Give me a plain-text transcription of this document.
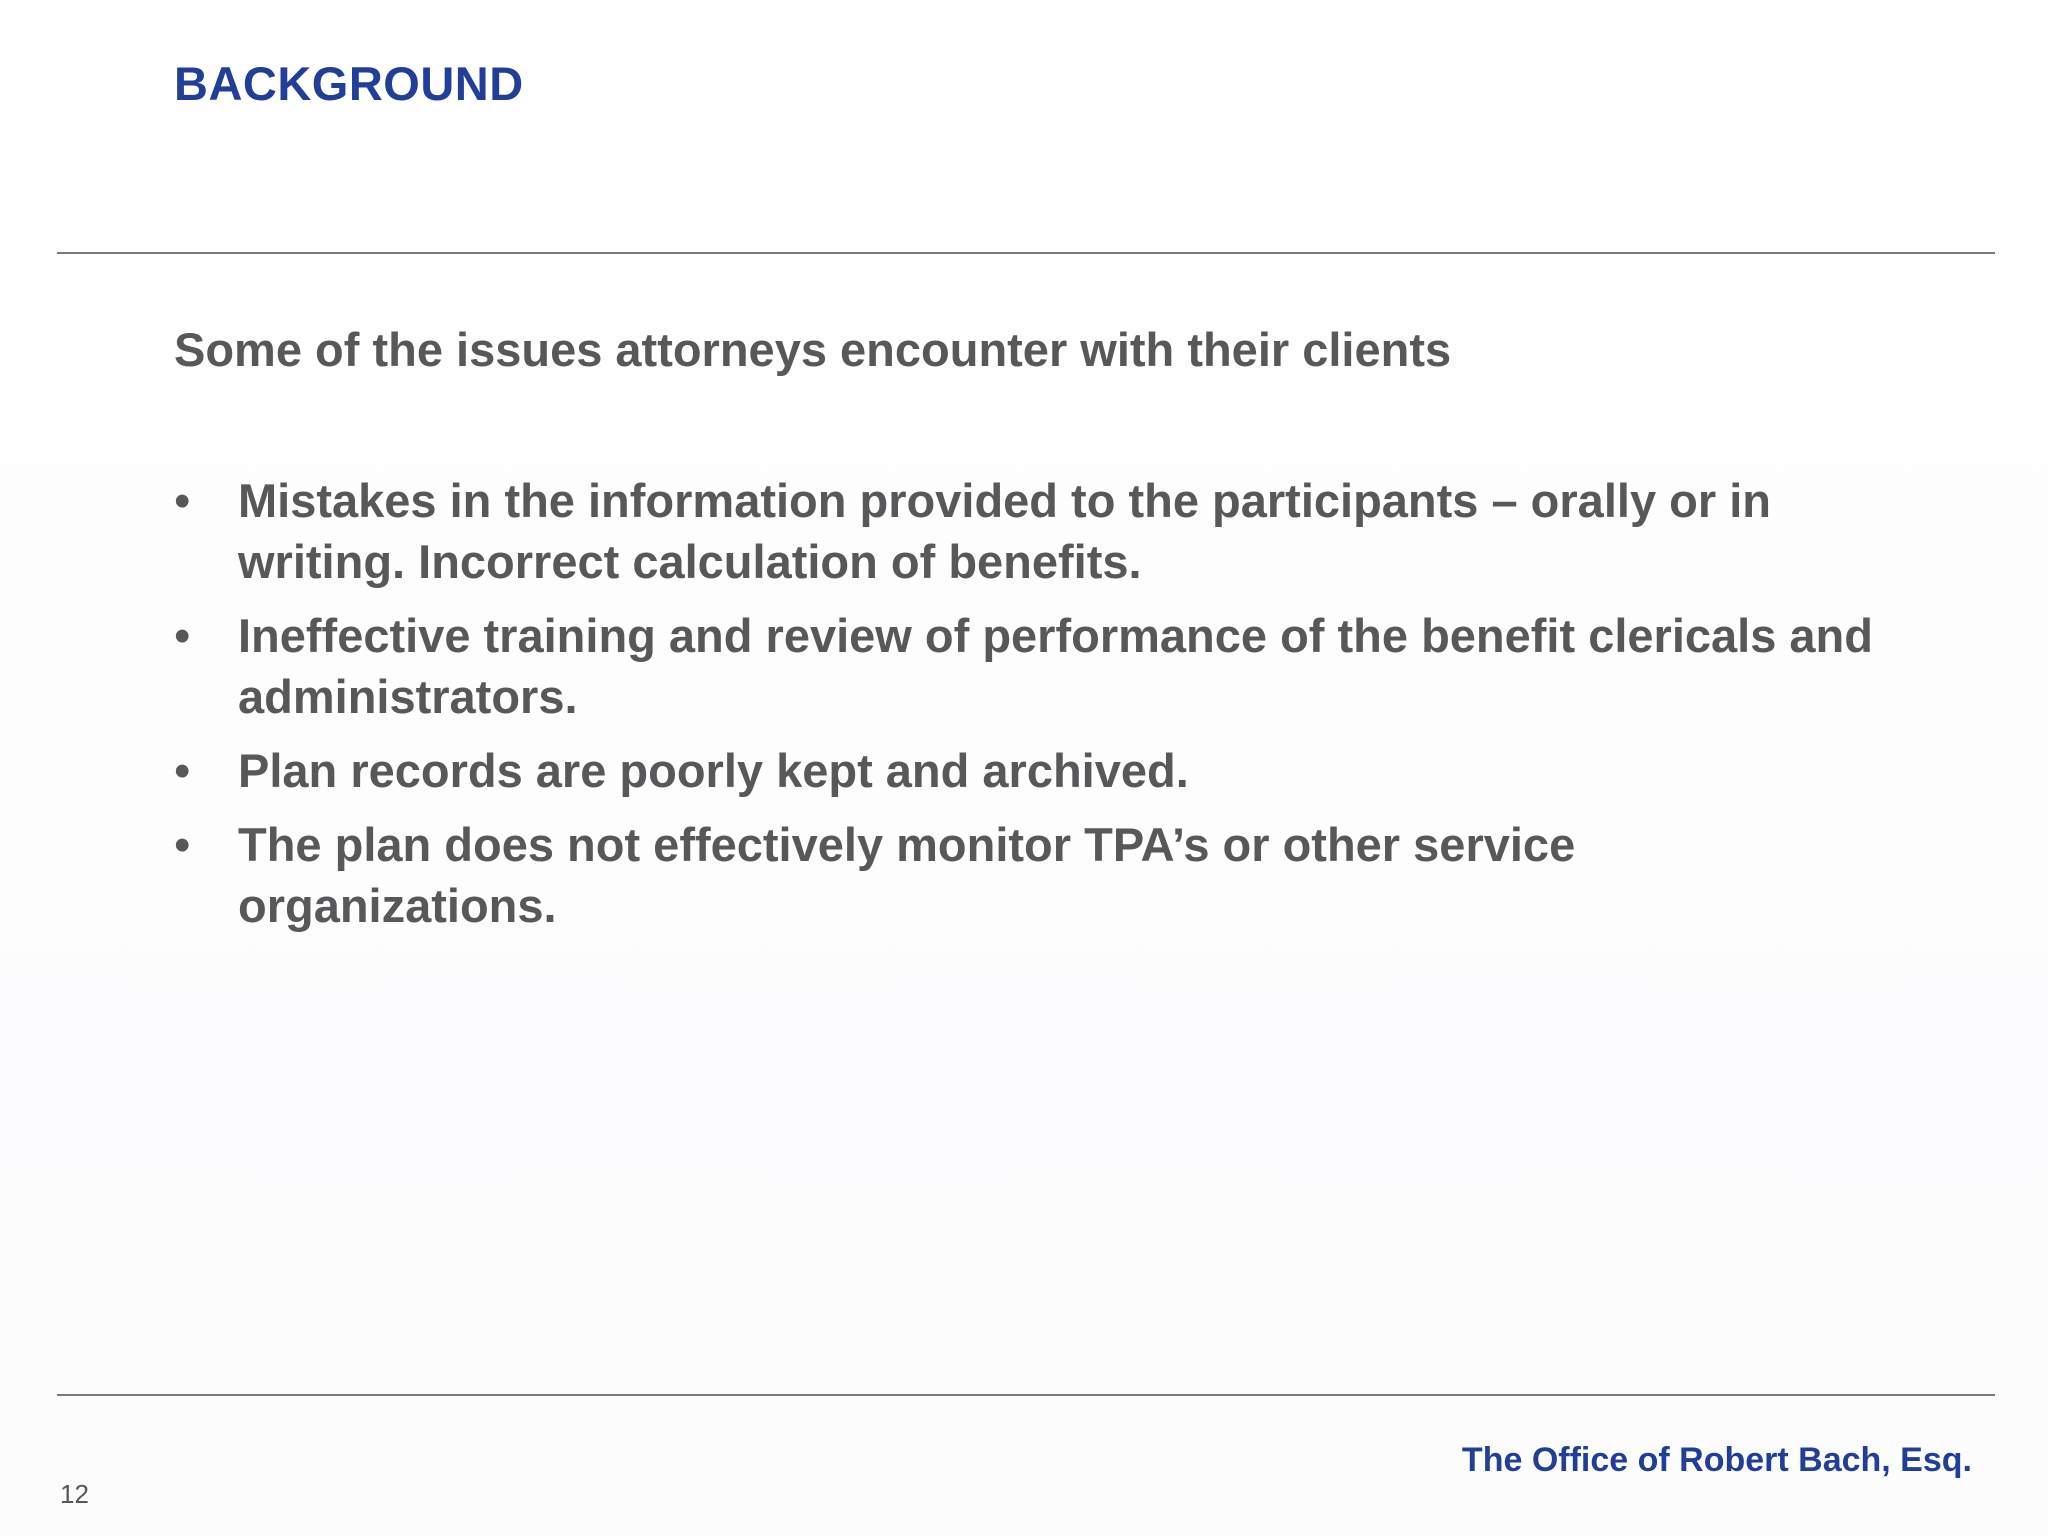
BACKGROUND
Some of the issues attorneys encounter with their clients
• Mistakes in the information provided to the participants – orally or in writing. Incorrect calculation of benefits.
• Ineffective training and review of performance of the benefit clericals and administrators.
• Plan records are poorly kept and archived.
• The plan does not effectively monitor TPA’s or other service organizations.
The Office of Robert Bach, Esq.
12
